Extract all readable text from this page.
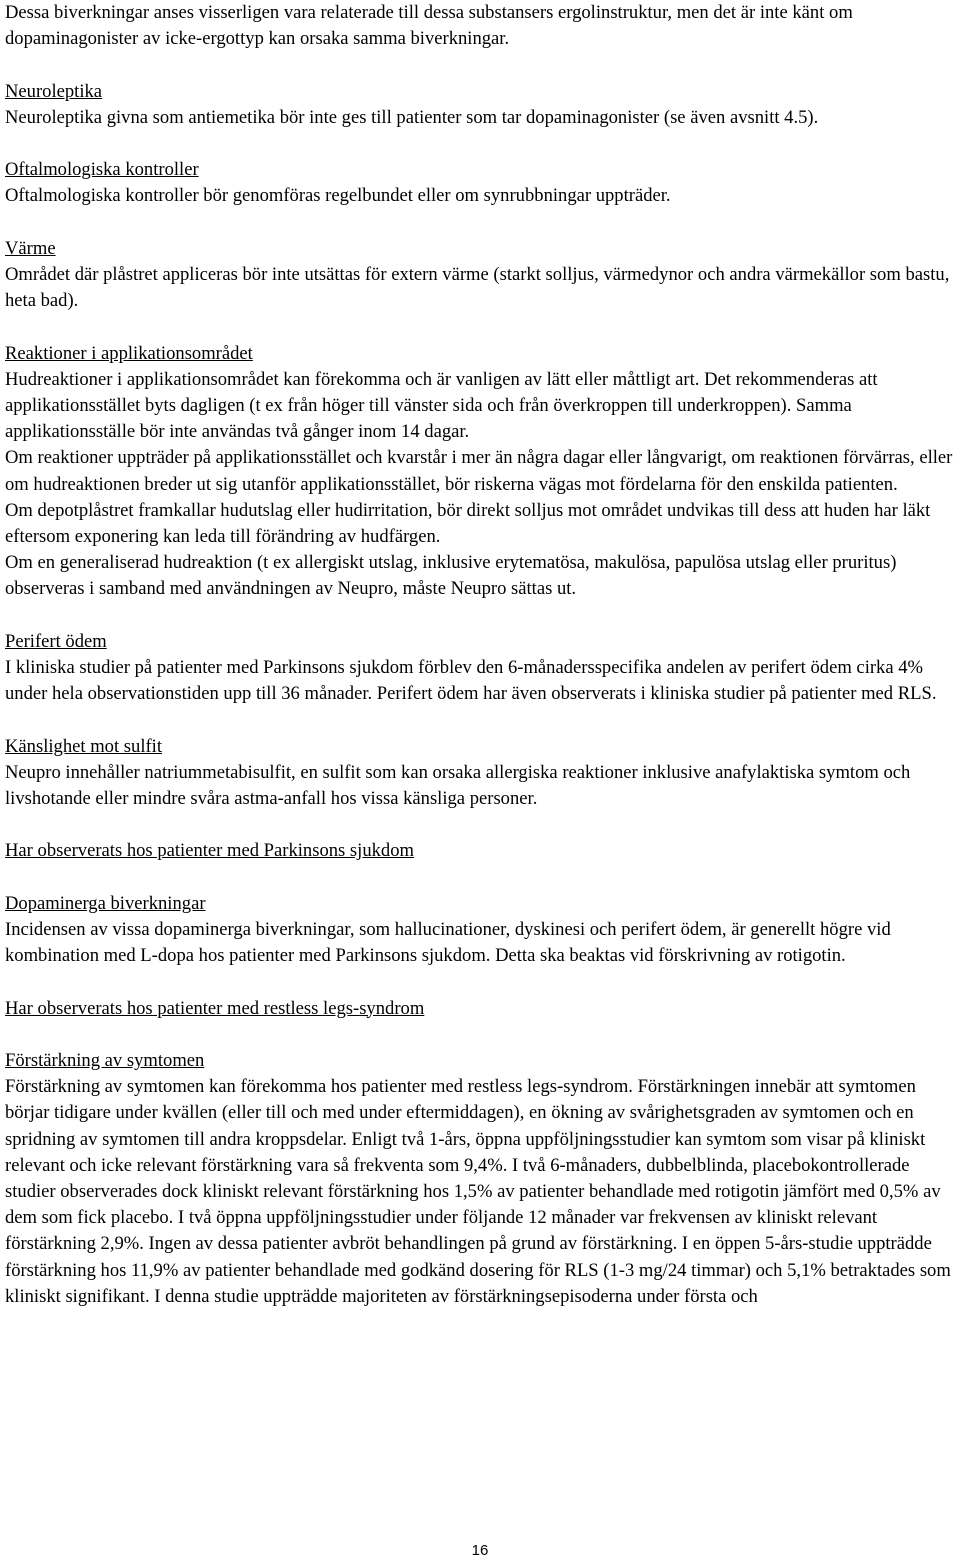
Dessa biverkningar anses visserligen vara relaterade till dessa substansers ergolinstruktur, men det är inte känt om dopaminagonister av icke-ergottyp kan orsaka samma biverkningar.

Neuroleptika

Neuroleptika givna som antiemetika bör inte ges till patienter som tar dopaminagonister (se även avsnitt 4.5).

Oftalmologiska kontroller

Oftalmologiska kontroller bör genomföras regelbundet eller om synrubbningar uppträder.

Värme

Området där plåstret appliceras bör inte utsättas för extern värme (starkt solljus, värmedynor och andra värmekällor som bastu, heta bad).

Reaktioner i applikationsområdet

Hudreaktioner i applikationsområdet kan förekomma och är vanligen av lätt eller måttligt art. Det rekommenderas att applikationsstället byts dagligen (t ex från höger till vänster sida och från överkroppen till underkroppen). Samma applikationsställe bör inte användas två gånger inom 14 dagar.

Om reaktioner uppträder på applikationsstället och kvarstår i mer än några dagar eller långvarigt, om reaktionen förvärras, eller om hudreaktionen breder ut sig utanför applikationsstället, bör riskerna vägas mot fördelarna för den enskilda patienten.

Om depotplåstret framkallar hudutslag eller hudirritation, bör direkt solljus mot området undvikas till dess att huden har läkt eftersom exponering kan leda till förändring av hudfärgen.

Om en generaliserad hudreaktion (t ex allergiskt utslag, inklusive erytematösa, makulösa, papulösa utslag eller pruritus) observeras i samband med användningen av Neupro, måste Neupro sättas ut.

Perifert ödem

I kliniska studier på patienter med Parkinsons sjukdom förblev den 6-månadersspecifika andelen av perifert ödem cirka 4% under hela observationstiden upp till 36 månader. Perifert ödem har även observerats i kliniska studier på patienter med RLS.

Känslighet mot sulfit

Neupro innehåller natriummetabisulfit, en sulfit som kan orsaka allergiska reaktioner inklusive anafylaktiska symtom och livshotande eller mindre svåra astma-anfall hos vissa känsliga personer.

Har observerats hos patienter med Parkinsons sjukdom

Dopaminerga biverkningar

Incidensen av vissa dopaminerga biverkningar, som hallucinationer, dyskinesi och perifert ödem, är generellt högre vid kombination med L-dopa hos patienter med Parkinsons sjukdom. Detta ska beaktas vid förskrivning av rotigotin.

Har observerats hos patienter med restless legs-syndrom

Förstärkning av symtomen

Förstärkning av symtomen kan förekomma hos patienter med restless legs-syndrom. Förstärkningen innebär att symtomen börjar tidigare under kvällen (eller till och med under eftermiddagen), en ökning av svårighetsgraden av symtomen och en spridning av symtomen till andra kroppsdelar. Enligt två 1-års, öppna uppföljningsstudier kan symtom som visar på kliniskt relevant och icke relevant förstärkning vara så frekventa som 9,4%. I två 6-månaders, dubbelblinda, placebokontrollerade studier observerades dock kliniskt relevant förstärkning hos 1,5% av patienter behandlade med rotigotin jämfört med 0,5% av dem som fick placebo. I två öppna uppföljningsstudier under följande 12 månader var frekvensen av kliniskt relevant förstärkning 2,9%. Ingen av dessa patienter avbröt behandlingen på grund av förstärkning. I en öppen 5-års-studie uppträdde förstärkning hos 11,9% av patienter behandlade med godkänd dosering för RLS (1-3 mg/24 timmar) och 5,1% betraktades som kliniskt signifikant. I denna studie uppträdde majoriteten av förstärkningsepisoderna under första och

16
